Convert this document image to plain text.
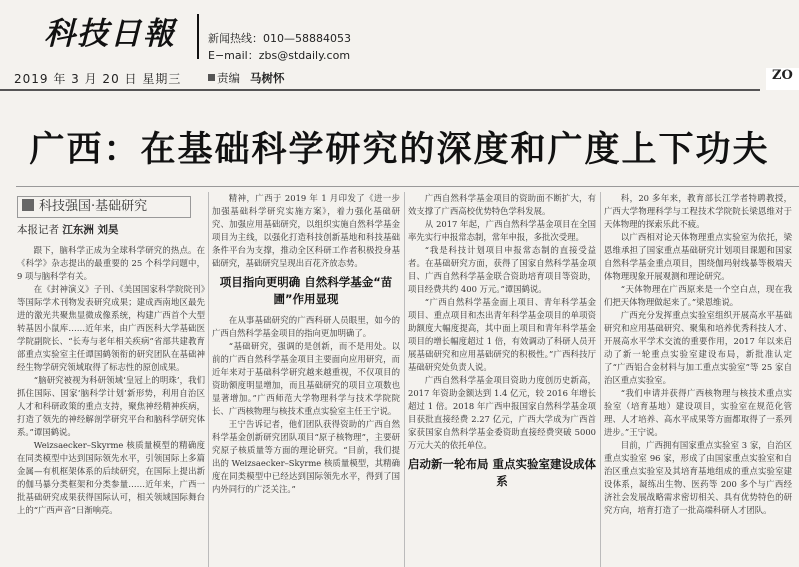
科技日報	新闻热线：010—58884053
E−mail：zbs@stdaily.com
2019 年 3 月 20 日 星期三	责编 马树怀	ZO
广西：在基础科学研究的深度和广度上下功夫
科技强国·基础研究
本报记者 江东洲 刘昊

跟下，脑科学正成为全球科学研究的热点。在《科学》杂志提出的最重要的 25 个科学问题中，9 项与脑科学有关。

在《封神演义》子刊、《美国国家科学院院刊》等国际学术刊物发表研究成果；建成西南地区最先进的激光共聚焦显微成像系统，构建广西首个大型转基因小鼠库……近年来，由广西医科大学基础医学院副院长、“长寿与老年相关疾病”省部共建教育部重点实验室主任谭国鹤领衔的研究团队在基础神经生物学研究领域取得了标志性的原创成果。

“脑研究被视为科研领域‘皇冠上的明珠’，我们抓住国际、国家‘脑科学计划’新形势，利用自治区人才和科研政策的重点支持，聚焦神经精神疾病，打造了领先的神经解剖学研究平台和脑科学研究体系。”谭国鹤说。

Weizsaecker–Skyrme 核质量模型的精确度在同类模型中达到国际领先水平，引领国际上多篇金属—有机框架体系的后续研究，在国际上提出新的伽马暴分类框架和分类参量……近年来，广西一批基础研究成果获得国际认可，相关领域国际舞台上的“广西声音”日渐响亮。

精神，广西于 2019 年 1 月印发了《进一步加强基础科学研究实施方案》，着力强化基础研究、加强应用基础研究，以组织实施自然科学基金项目为主线，以强化打造科技创新基地和科技基础条件平台为支撑，推动全区科研工作者积极投身基础研究，基础研究呈现出百花齐放态势。

项目指向更明确 自然科学基金“苗圃”作用显现

在从事基础研究的广西科研人员眼里，如今的广西自然科学基金项目的指向更加明确了。

“基础研究，强调的是创新，而不是用处。以前的广西自然科学基金项目主要面向应用研究，而近年来对于基础科学研究越来越重视，不仅项目的资助额度明显增加，而且基础研究的项目立项数也显著增加。”广西师范大学物理科学与技术学院院长、广西核物理与核技术重点实验室主任王宁说。

王宁告诉记者，他们团队获得资助的广西自然科学基金创新研究团队项目“原子核物理”，主要研究原子核质量等方面的理论研究。“目前，我们提出的 Weizsaecker–Skyrme 核质量模型，其精确度在同类模型中已经达到国际领先水平，得到了国内外同行的广泛关注。”

广西自然科学基金项目的资助面不断扩大，有效支撑了广西高校优势特色学科发展。

从 2017 年起，广西自然科学基金项目在全国率先实行申报常态制，常年申报，多批次受理。

“我是科技计划项目申报常态制的直接受益者。在基础研究方面，获得了国家自然科学基金项目、广西自然科学基金联合资助培育项目等资助，项目经费共约 400 万元。”谭国鹤说。

“广西自然科学基金面上项目、青年科学基金项目、重点项目和杰出青年科学基金项目的单项资助额度大幅度提高，其中面上项目和青年科学基金项目的增长幅度超过 1 倍，有效调动了科研人员开展基础研究和应用基础研究的积极性。”广西科技厅基础研究处负责人说。

广西自然科学基金项目资助力度创历史新高，2017 年资助金额达到 1.4 亿元，较 2016 年增长超过 1 倍。2018 年广西申报国家自然科学基金项目获批直接经费 2.27 亿元，广西大学成为广西首家获国家自然科学基金委资助直接经费突破 5000 万元大关的依托单位。

启动新一轮布局 重点实验室建设成体系

科，20 多年来，教育部长江学者特聘教授，广西大学物理科学与工程技术学院院长梁恩维对于天体物理的探索乐此不疲。

以广西相对论天体物理重点实验室为依托，梁恩维承担了国家重点基础研究计划项目课题和国家自然科学基金重点项目，围绕伽玛射线暴等极端天体物理现象开展观测和理论研究。

“天体物理在广西原来是一个空白点，现在我们把天体物理做起来了。”梁恩维说。

广西充分发挥重点实验室组织开展高水平基础研究和应用基础研究、聚集和培养优秀科技人才、开展高水平学术交流的重要作用，2017 年以来启动了新一轮重点实验室建设布局，新批准认定了“广西铝合金材料与加工重点实验室”等 25 家自治区重点实验室。

“我们申请并获得广西核物理与核技术重点实验室（培育基地）建设项目，实验室在规范化管理、人才培养、高水平成果等方面都取得了一系列进步。”王宁说。

目前，广西拥有国家重点实验室 3 家，自治区重点实验室 96 家，形成了由国家重点实验室和自治区重点实验室及其培育基地组成的重点实验室建设体系，凝练出生物、医药等 200 多个与广西经济社会发展战略需求密切相关、具有优势特色的研究方向，培育打造了一批高端科研人才团队。
